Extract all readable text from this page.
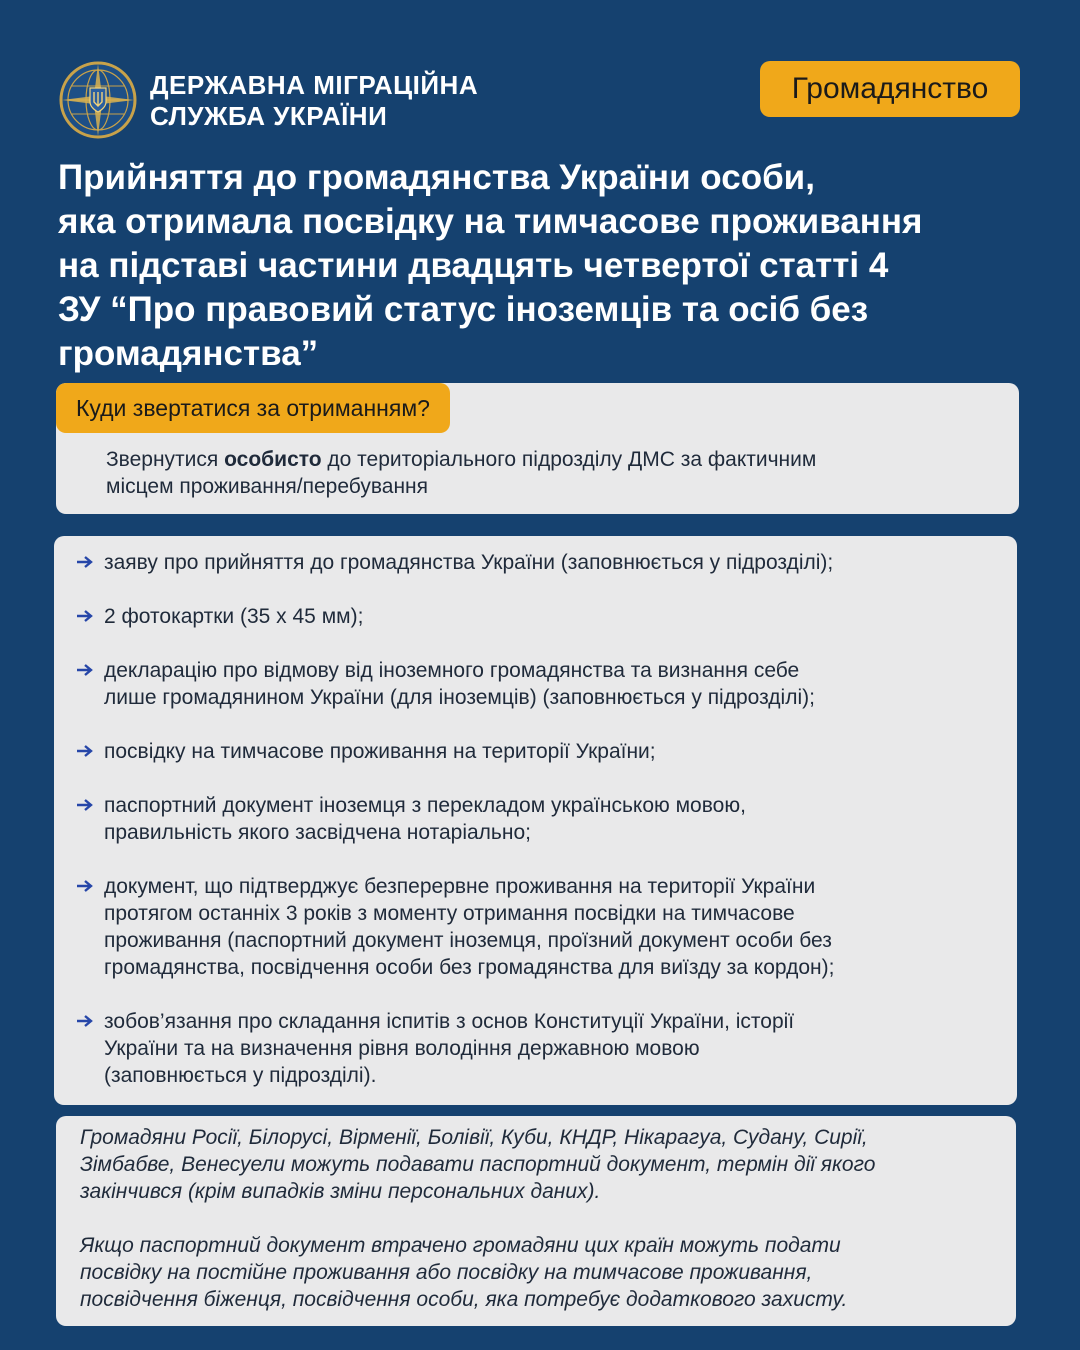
ДЕРЖАВНА МІГРАЦІЙНА
СЛУЖБА УКРАЇНИ
Громадянство
Прийняття до громадянства України особи,
яка отримала посвідку на тимчасове проживання
на підставі частини двадцять четвертої статті 4
ЗУ “Про правовий статус іноземців та осіб без
громадянства”
Куди звертатися за отриманням?
Звернутися особисто до територіального підрозділу ДМС за фактичним
місцем проживання/перебування
заяву про прийняття до громадянства України (заповнюється у підрозділі);
2 фотокартки (35 х 45 мм);
декларацію про відмову від іноземного громадянства та визнання себе
лише громадянином України (для іноземців) (заповнюється у підрозділі);
посвідку на тимчасове проживання на території України;
паспортний документ іноземця з перекладом українською мовою,
правильність якого засвідчена нотаріально;
документ, що підтверджує безперервне проживання на території України
протягом останніх 3 років з моменту отримання посвідки на тимчасове
проживання (паспортний документ іноземця, проїзний документ особи без
громадянства, посвідчення особи без громадянства для виїзду за кордон);
зобов’язання про складання іспитів з основ Конституції України, історії
України та на визначення рівня володіння державною мовою
(заповнюється у підрозділі).
Громадяни Росії, Білорусі, Вірменії, Болівії, Куби, КНДР, Нікарагуа, Судану, Сирії,
Зімбабве, Венесуели можуть подавати паспортний документ, термін дії якого
закінчився (крім випадків зміни персональних даних).
Якщо паспортний документ втрачено громадяни цих країн можуть подати
посвідку на постійне проживання або посвідку на тимчасове проживання,
посвідчення біженця, посвідчення особи, яка потребує додаткового захисту.
